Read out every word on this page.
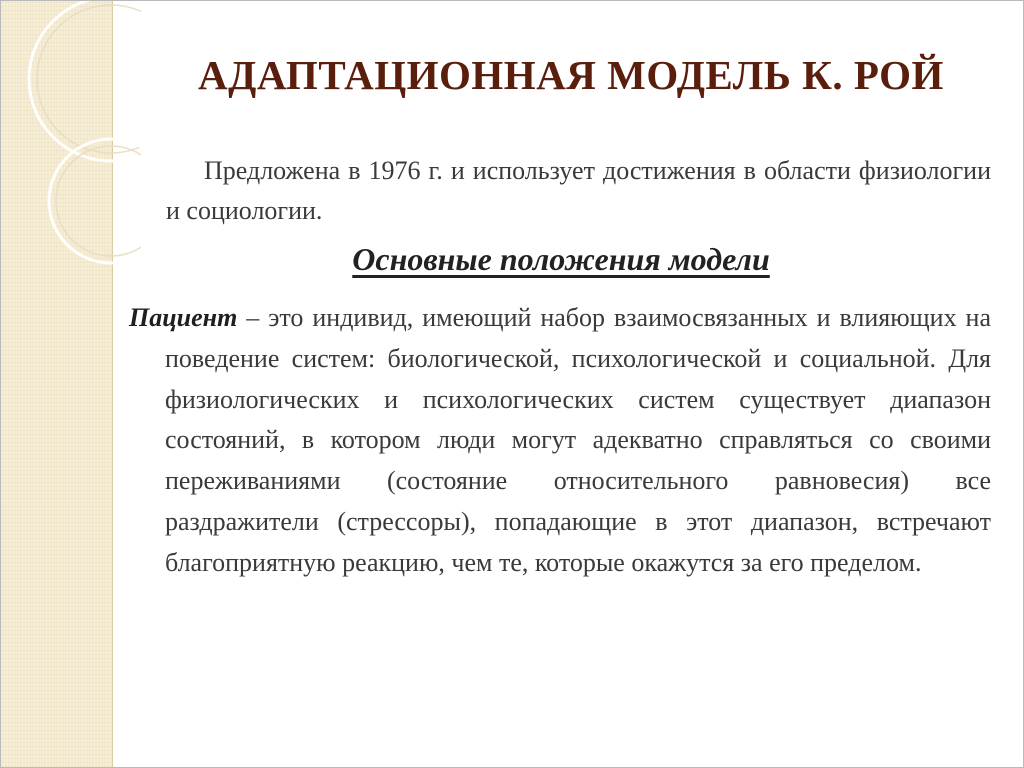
АДАПТАЦИОННАЯ МОДЕЛЬ К. РОЙ
Предложена в 1976 г. и использует достижения в области физиологии и социологии.
Основные положения модели
Пациент – это индивид, имеющий набор взаимосвязанных и влияющих на поведение систем: биологической, психологической и социальной. Для физиологических и психологических систем существует диапазон состояний, в котором люди могут адекватно справляться со своими переживаниями (состояние относительного равновесия) все раздражители (стрессоры), попадающие в этот диапазон, встречают благоприятную реакцию, чем те, которые окажутся за его пределом.
